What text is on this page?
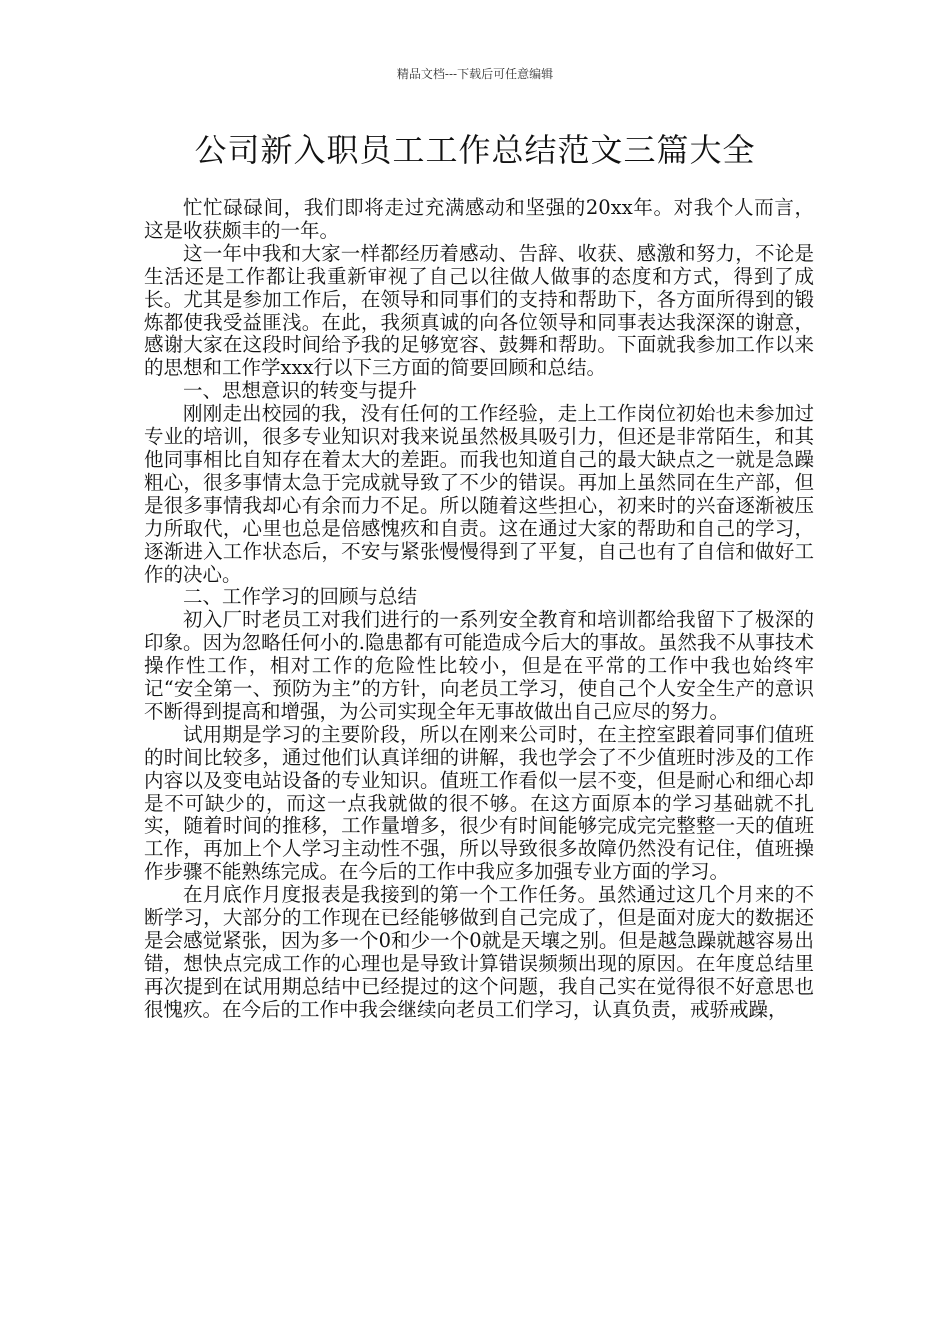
精品文档---下载后可任意编辑
公司新入职员工工作总结范文三篇大全

忙忙碌碌间，我们即将走过充满感动和坚强的20xx年。对我个人而言，这是收获颇丰的一年。

这一年中我和大家一样都经历着感动、告辞、收获、感激和努力，不论是生活还是工作都让我重新审视了自己以往做人做事的态度和方式，得到了成长。尤其是参加工作后，在领导和同事们的支持和帮助下，各方面所得到的锻炼都使我受益匪浅。在此，我须真诚的向各位领导和同事表达我深深的谢意，感谢大家在这段时间给予我的足够宽容、鼓舞和帮助。下面就我参加工作以来的思想和工作学xxx行以下三方面的简要回顾和总结。

一、思想意识的转变与提升

刚刚走出校园的我，没有任何的工作经验，走上工作岗位初始也未参加过专业的培训，很多专业知识对我来说虽然极具吸引力，但还是非常陌生，和其他同事相比自知存在着太大的差距。而我也知道自己的最大缺点之一就是急躁粗心，很多事情太急于完成就导致了不少的错误。再加上虽然同在生产部，但是很多事情我却心有余而力不足。所以随着这些担心，初来时的兴奋逐渐被压力所取代，心里也总是倍感愧疚和自责。这在通过大家的帮助和自己的学习，逐渐进入工作状态后，不安与紧张慢慢得到了平复，自己也有了自信和做好工作的决心。

二、工作学习的回顾与总结

初入厂时老员工对我们进行的一系列安全教育和培训都给我留下了极深的印象。因为忽略任何小的.隐患都有可能造成今后大的事故。虽然我不从事技术操作性工作，相对工作的危险性比较小，但是在平常的工作中我也始终牢记“安全第一、预防为主”的方针，向老员工学习，使自己个人安全生产的意识不断得到提高和增强，为公司实现全年无事故做出自己应尽的努力。

试用期是学习的主要阶段，所以在刚来公司时，在主控室跟着同事们值班的时间比较多，通过他们认真详细的讲解，我也学会了不少值班时涉及的工作内容以及变电站设备的专业知识。值班工作看似一层不变，但是耐心和细心却是不可缺少的，而这一点我就做的很不够。在这方面原本的学习基础就不扎实，随着时间的推移，工作量增多，很少有时间能够完成完完整整一天的值班工作，再加上个人学习主动性不强，所以导致很多故障仍然没有记住，值班操作步骤不能熟练完成。在今后的工作中我应多加强专业方面的学习。

在月底作月度报表是我接到的第一个工作任务。虽然通过这几个月来的不断学习，大部分的工作现在已经能够做到自己完成了，但是面对庞大的数据还是会感觉紧张，因为多一个0和少一个0就是天壤之别。但是越急躁就越容易出错，想快点完成工作的心理也是导致计算错误频频出现的原因。在年度总结里再次提到在试用期总结中已经提过的这个问题，我自己实在觉得很不好意思也很愧疚。在今后的工作中我会继续向老员工们学习，认真负责，戒骄戒躁，
